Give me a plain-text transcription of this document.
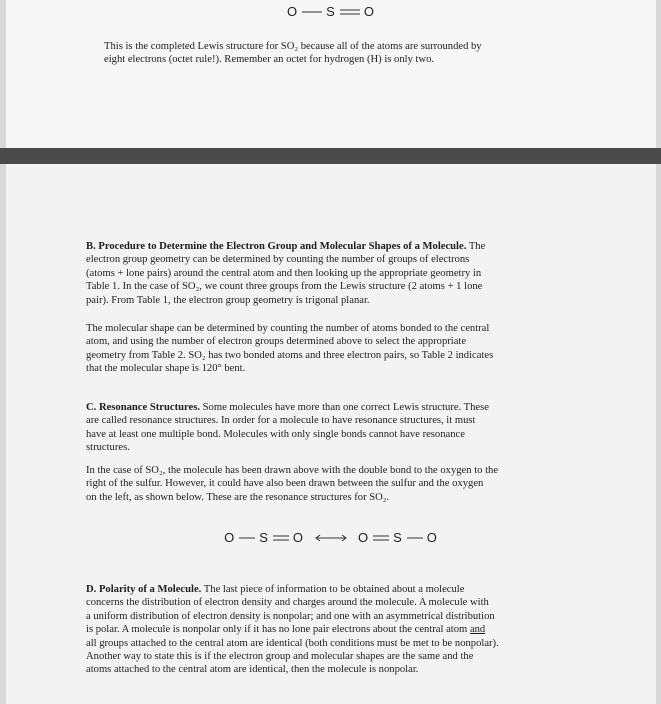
O S O

This is the completed Lewis structure for SO₂ because all of the atoms are surrounded by
eight electrons (octet rule!). Remember an octet for hydrogen (H) is only two.

B. Procedure to Determine the Electron Group and Molecular Shapes of a Molecule. The
electron group geometry can be determined by counting the number of groups of electrons
(atoms + lone pairs) around the central atom and then looking up the appropriate geometry in
Table 1. In the case of SO₂, we count three groups from the Lewis structure (2 atoms + 1 lone
pair). From Table 1, the electron group geometry is trigonal planar.

The molecular shape can be determined by counting the number of atoms bonded to the central
atom, and using the number of electron groups determined above to select the appropriate
geometry from Table 2. SO₂ has two bonded atoms and three electron pairs, so Table 2 indicates
that the molecular shape is 120° bent.

C. Resonance Structures. Some molecules have more than one correct Lewis structure. These
are called resonance structures. In order for a molecule to have resonance structures, it must
have at least one multiple bond. Molecules with only single bonds cannot have resonance
structures.

In the case of SO₂, the molecule has been drawn above with the double bond to the oxygen to the
right of the sulfur. However, it could have also been drawn between the sulfur and the oxygen
on the left, as shown below. These are the resonance structures for SO₂.

O S O	O S O

D. Polarity of a Molecule. The last piece of information to be obtained about a molecule
concerns the distribution of electron density and charges around the molecule. A molecule with
a uniform distribution of electron density is nonpolar; and one with an asymmetrical distribution
is polar. A molecule is nonpolar only if it has no lone pair electrons about the central atom and
all groups attached to the central atom are identical (both conditions must be met to be nonpolar).
Another way to state this is if the electron group and molecular shapes are the same and the
atoms attached to the central atom are identical, then the molecule is nonpolar.
